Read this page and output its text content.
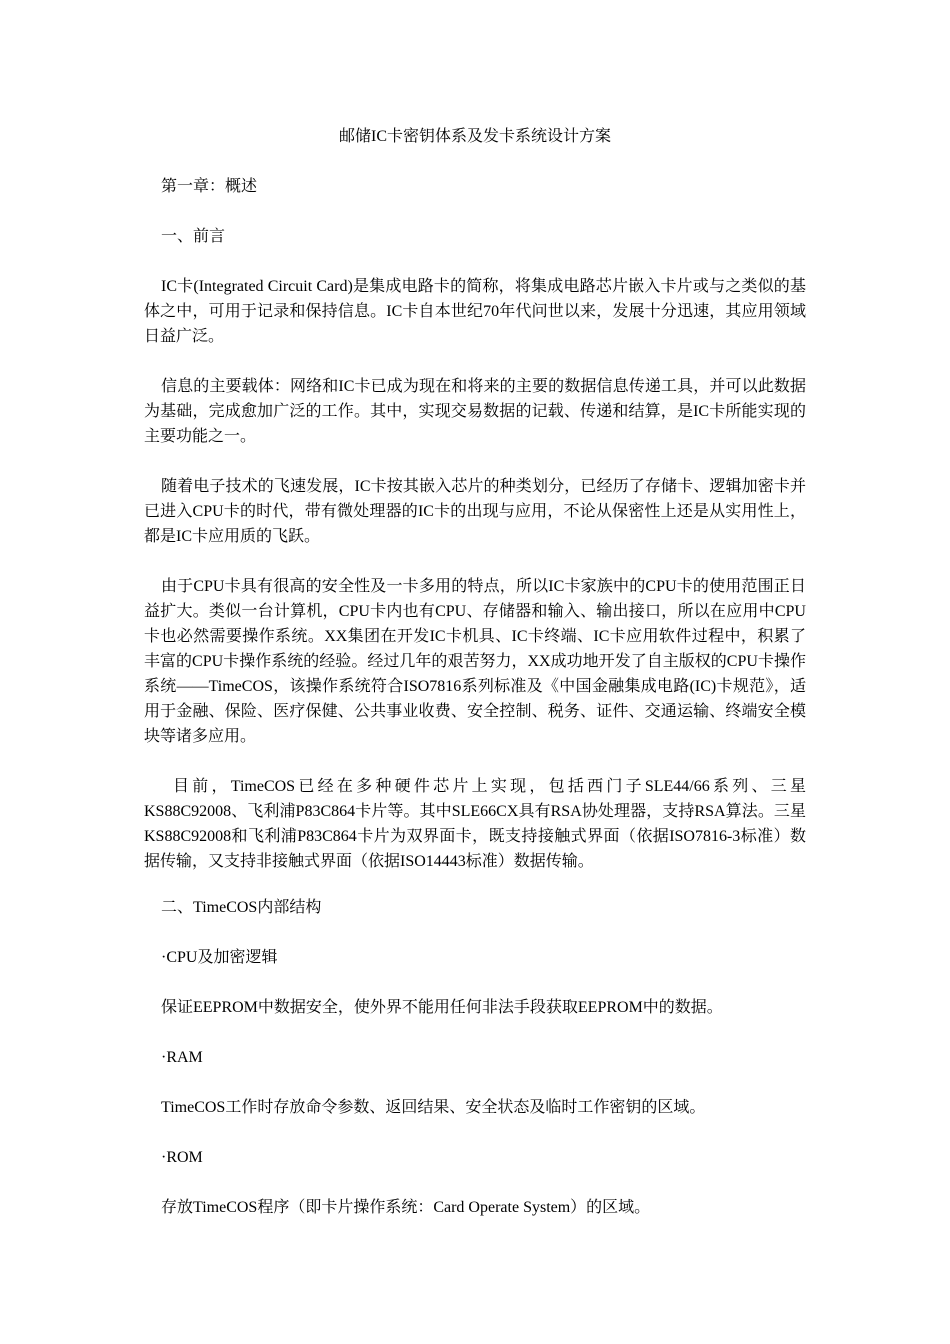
邮储IC卡密钥体系及发卡系统设计方案
第一章：概述
一、前言
IC卡(Integrated Circuit Card)是集成电路卡的简称，将集成电路芯片嵌入卡片或与之类似的基体之中，可用于记录和保持信息。IC卡自本世纪70年代问世以来，发展十分迅速，其应用领域日益广泛。
信息的主要载体：网络和IC卡已成为现在和将来的主要的数据信息传递工具，并可以此数据为基础，完成愈加广泛的工作。其中，实现交易数据的记载、传递和结算，是IC卡所能实现的主要功能之一。
随着电子技术的飞速发展，IC卡按其嵌入芯片的种类划分，已经历了存储卡、逻辑加密卡并已进入CPU卡的时代，带有微处理器的IC卡的出现与应用，不论从保密性上还是从实用性上，都是IC卡应用质的飞跃。
由于CPU卡具有很高的安全性及一卡多用的特点，所以IC卡家族中的CPU卡的使用范围正日益扩大。类似一台计算机，CPU卡内也有CPU、存储器和输入、输出接口，所以在应用中CPU卡也必然需要操作系统。XX集团在开发IC卡机具、IC卡终端、IC卡应用软件过程中，积累了丰富的CPU卡操作系统的经验。经过几年的艰苦努力，XX成功地开发了自主版权的CPU卡操作系统——TimeCOS，该操作系统符合ISO7816系列标准及《中国金融集成电路(IC)卡规范》，适用于金融、保险、医疗保健、公共事业收费、安全控制、税务、证件、交通运输、终端安全模块等诸多应用。
目前，TimeCOS已经在多种硬件芯片上实现，包括西门子SLE44/66系列、三星KS88C92008、飞利浦P83C864卡片等。其中SLE66CX具有RSA协处理器，支持RSA算法。三星KS88C92008和飞利浦P83C864卡片为双界面卡，既支持接触式界面（依据ISO7816-3标准）数据传输，又支持非接触式界面（依据ISO14443标准）数据传输。
二、TimeCOS内部结构
·CPU及加密逻辑
保证EEPROM中数据安全，使外界不能用任何非法手段获取EEPROM中的数据。
·RAM
TimeCOS工作时存放命令参数、返回结果、安全状态及临时工作密钥的区域。
·ROM
存放TimeCOS程序（即卡片操作系统：Card Operate System）的区域。
